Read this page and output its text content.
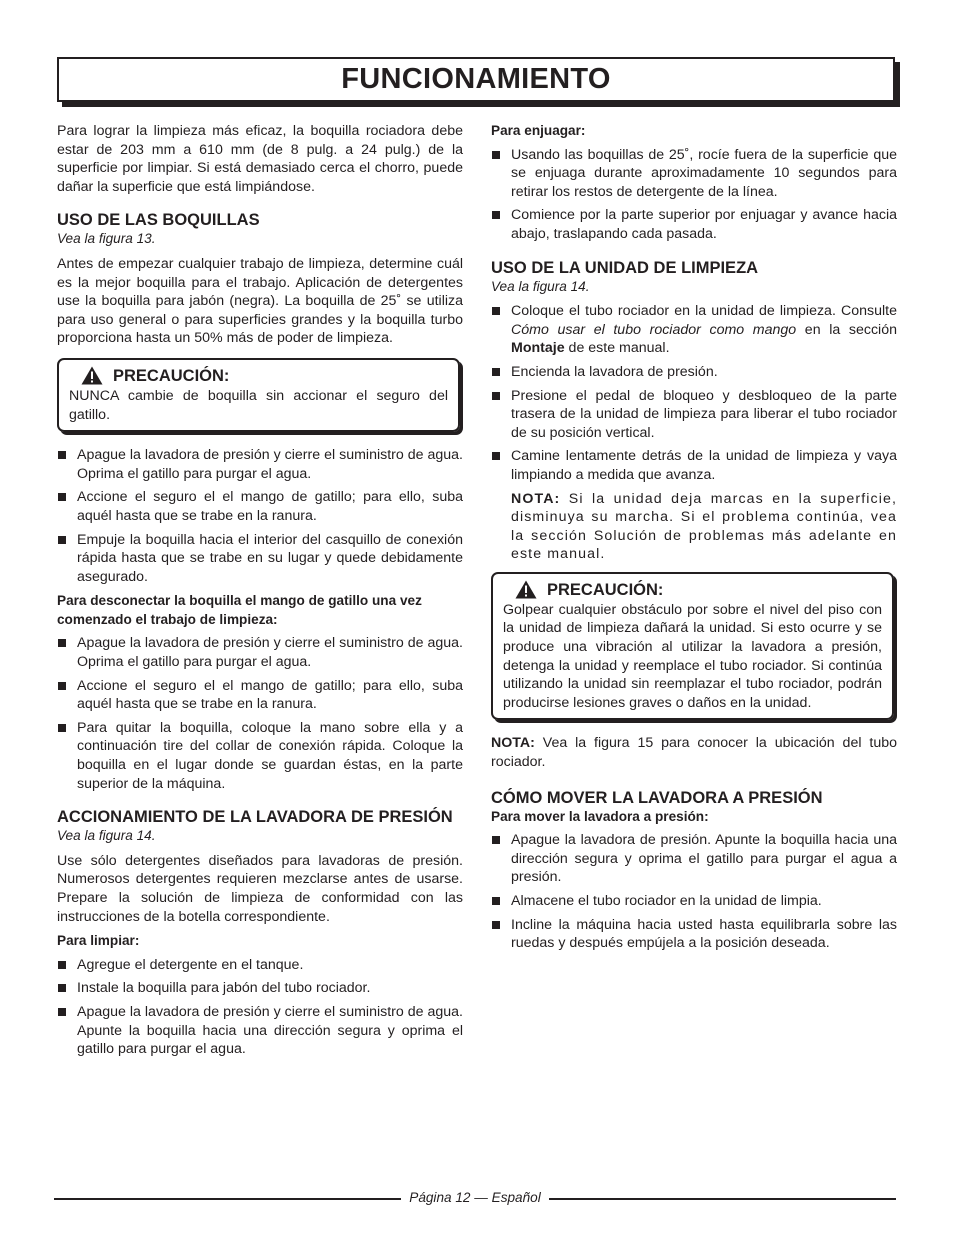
FUNCIONAMIENTO

Para lograr la limpieza más eficaz, la boquilla rociadora debe estar de 203 mm a 610 mm (de 8 pulg. a 24 pulg.) de la superficie por limpiar. Si está demasiado cerca el chorro, puede dañar la superficie que está limpiándose.

USO DE LAS BOQUILLAS
Vea la figura 13.

Antes de empezar cualquier trabajo de limpieza, determine cuál es la mejor boquilla para el trabajo. Aplicación de detergentes use la boquilla para jabón (negra). La boquilla de 25˚ se utiliza para uso general o para superficies grandes y la boquilla turbo proporciona hasta un 50% más de poder de limpieza.

PRECAUCIÓN:

NUNCA cambie de boquilla sin accionar el seguro del gatillo.

Apague la lavadora de presión y cierre el suministro de agua. Oprima el gatillo para purgar el agua.
Accione el seguro el el mango de gatillo; para ello, suba aquél hasta que se trabe en la ranura.
Empuje la boquilla hacia el interior del casquillo de conexión rápida hasta que se trabe en su lugar y quede debidamente asegurado.
Para desconectar la boquilla el mango de gatillo una vez comenzado el trabajo de limpieza:
Apague la lavadora de presión y cierre el suministro de agua. Oprima el gatillo para purgar el agua.
Accione el seguro el el mango de gatillo; para ello, suba aquél hasta que se trabe en la ranura.
Para quitar la boquilla, coloque la mano sobre ella y a continuación tire del collar de conexión rápida. Coloque la boquilla en el lugar donde se guardan éstas, en la parte superior de la máquina.
ACCIONAMIENTO DE LA LAVADORA DE PRESIÓN
Vea la figura 14.

Use sólo detergentes diseñados para lavadoras de presión. Numerosos detergentes requieren mezclarse antes de usarse. Prepare la solución de limpieza de conformidad con las instrucciones de la botella correspondiente.

Para limpiar:
Agregue el detergente en el tanque.
Instale la boquilla para jabón del tubo rociador.
Apague la lavadora de presión y cierre el suministro de agua. Apunte la boquilla hacia una dirección segura y oprima el gatillo para purgar el agua.
Para enjuagar:
Usando las boquillas de 25˚, rocíe fuera de la superficie que se enjuaga durante aproximadamente 10 segundos para retirar los restos de detergente de la línea.
Comience por la parte superior por enjuagar y avance hacia abajo, traslapando cada pasada.
USO DE LA UNIDAD DE LIMPIEZA
Vea la figura 14.
Coloque el tubo rociador en la unidad de limpieza. Consulte Cómo usar el tubo rociador como mango en la sección Montaje de este manual.
Encienda la lavadora de presión.
Presione el pedal de bloqueo y desbloqueo de la parte trasera de la unidad de limpieza para liberar el tubo rociador de su posición vertical.
Camine lentamente detrás de la unidad de limpieza y vaya limpiando a medida que avanza.

NOTA: Si la unidad deja marcas en la superficie, disminuya su marcha. Si el problema continúa, vea la sección Solución de problemas más adelante en este manual.

PRECAUCIÓN:

Golpear cualquier obstáculo por sobre el nivel del piso con la unidad de limpieza dañará la unidad. Si esto ocurre y se produce una vibración al utilizar la lavadora a presión, detenga la unidad y reemplace el tubo rociador. Si continúa utilizando la unidad sin reemplazar el tubo rociador, podrán producirse lesiones graves o daños en la unidad.

NOTA: Vea la figura 15 para conocer la ubicación del tubo rociador.

CÓMO MOVER LA LAVADORA A PRESIÓN
Para mover la lavadora a presión:
Apague la lavadora de presión. Apunte la boquilla hacia una dirección segura y oprima el gatillo para purgar el agua a presión.
Almacene el tubo rociador en la unidad de limpia.
Incline la máquina hacia usted hasta equilibrarla sobre las ruedas y después empújela a la posición deseada.
Página 12 — Español
